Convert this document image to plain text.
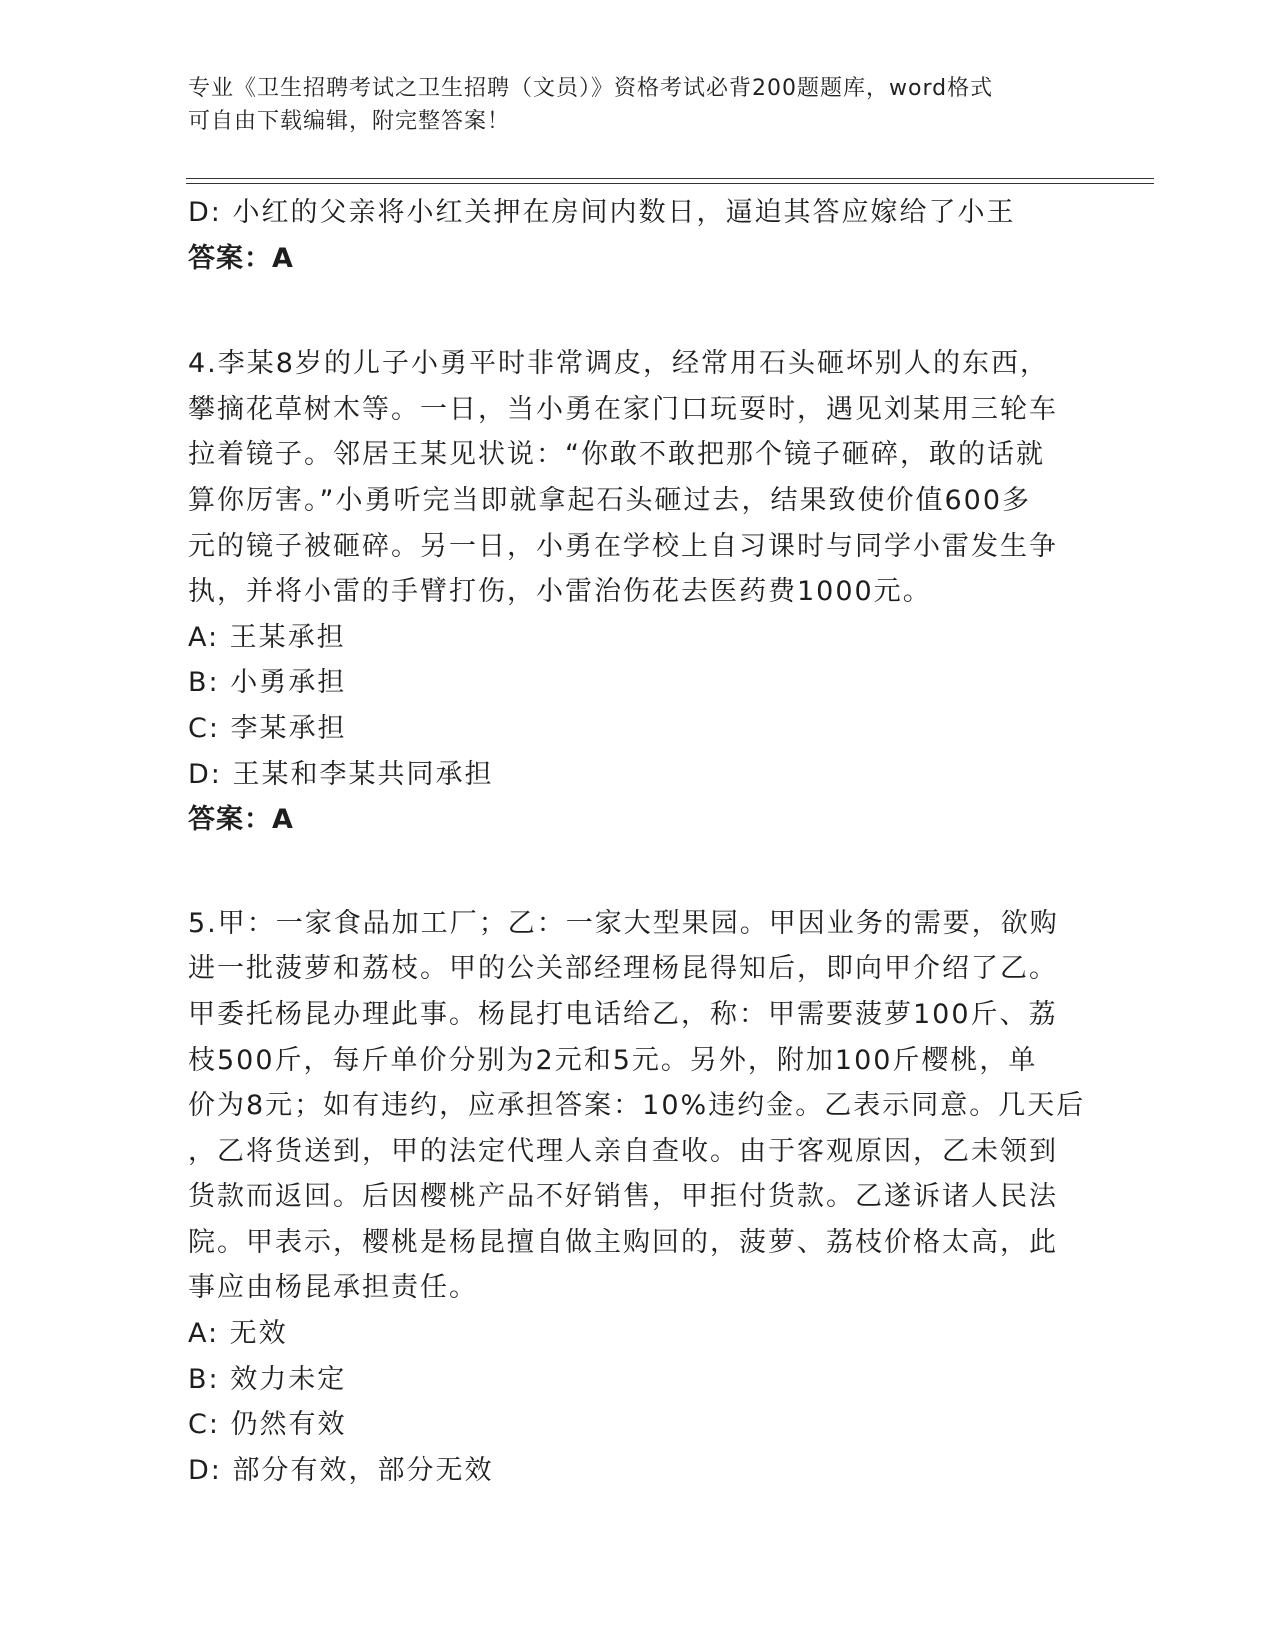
专业《卫生招聘考试之卫生招聘（文员）》资格考试必背200题题库，word格式
可自由下载编辑，附完整答案！
D: 小红的父亲将小红关押在房间内数日，逼迫其答应嫁给了小王
答案：A
4.李某8岁的儿子小勇平时非常调皮，经常用石头砸坏别人的东西，
攀摘花草树木等。一日，当小勇在家门口玩耍时，遇见刘某用三轮车
拉着镜子。邻居王某见状说：“你敢不敢把那个镜子砸碎，敢的话就
算你厉害。”小勇听完当即就拿起石头砸过去，结果致使价值600多
元的镜子被砸碎。另一日，小勇在学校上自习课时与同学小雷发生争
执，并将小雷的手臂打伤，小雷治伤花去医药费1000元。
A: 王某承担
B: 小勇承担
C: 李某承担
D: 王某和李某共同承担
答案：A
5.甲：一家食品加工厂；乙：一家大型果园。甲因业务的需要，欲购
进一批菠萝和荔枝。甲的公关部经理杨昆得知后，即向甲介绍了乙。
甲委托杨昆办理此事。杨昆打电话给乙，称：甲需要菠萝100斤、荔
枝500斤，每斤单价分别为2元和5元。另外，附加100斤樱桃，单
价为8元；如有违约，应承担答案：10%违约金。乙表示同意。几天后
，乙将货送到，甲的法定代理人亲自查收。由于客观原因，乙未领到
货款而返回。后因樱桃产品不好销售，甲拒付货款。乙遂诉诸人民法
院。甲表示，樱桃是杨昆擅自做主购回的，菠萝、荔枝价格太高，此
事应由杨昆承担责任。
A: 无效
B: 效力未定
C: 仍然有效
D: 部分有效，部分无效
